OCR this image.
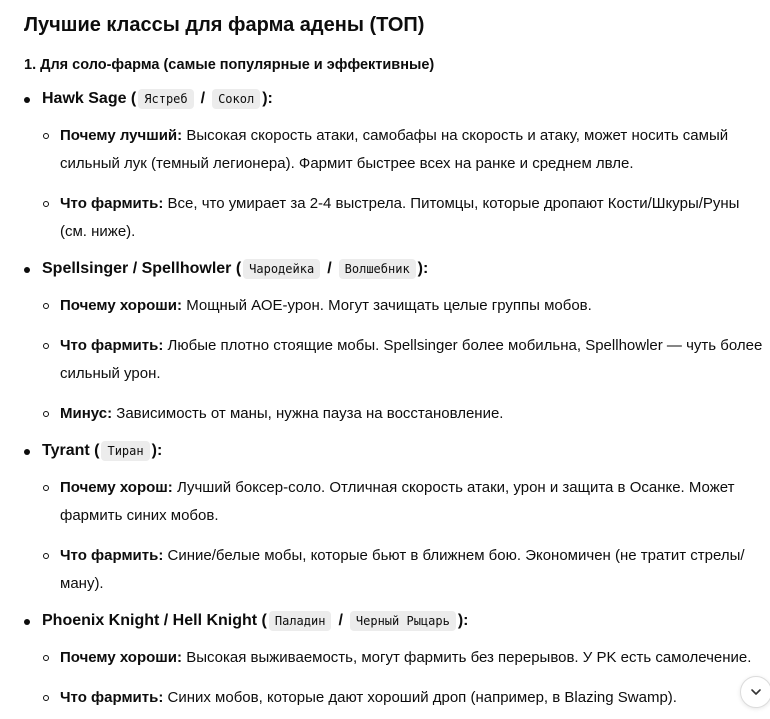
Лучшие классы для фарма адены (ТОП)
1. Для соло-фарма (самые популярные и эффективные)
Hawk Sage ( Ястреб / Сокол ):
Почему лучший: Высокая скорость атаки, самобафы на скорость и атаку, может носить самый сильный лук (темный легионера). Фармит быстрее всех на ранке и среднем лвле.
Что фармить: Все, что умирает за 2-4 выстрела. Питомцы, которые дропают Кости/Шкуры/Руны (см. ниже).
Spellsinger / Spellhowler ( Чародейка / Волшебник ):
Почему хороши: Мощный АОЕ-урон. Могут зачищать целые группы мобов.
Что фармить: Любые плотно стоящие мобы. Spellsinger более мобильна, Spellhowler — чуть более сильный урон.
Минус: Зависимость от маны, нужна пауза на восстановление.
Tyrant ( Тиран ):
Почему хорош: Лучший боксер-соло. Отличная скорость атаки, урон и защита в Осанке. Может фармить синих мобов.
Что фармить: Синие/белые мобы, которые бьют в ближнем бою. Экономичен (не тратит стрелы/ману).
Phoenix Knight / Hell Knight ( Паладин / Черный Рыцарь ):
Почему хороши: Высокая выживаемость, могут фармить без перерывов. У PK есть самолечение.
Что фармить: Синих мобов, которые дают хороший дроп (например, в Blazing Swamp).
